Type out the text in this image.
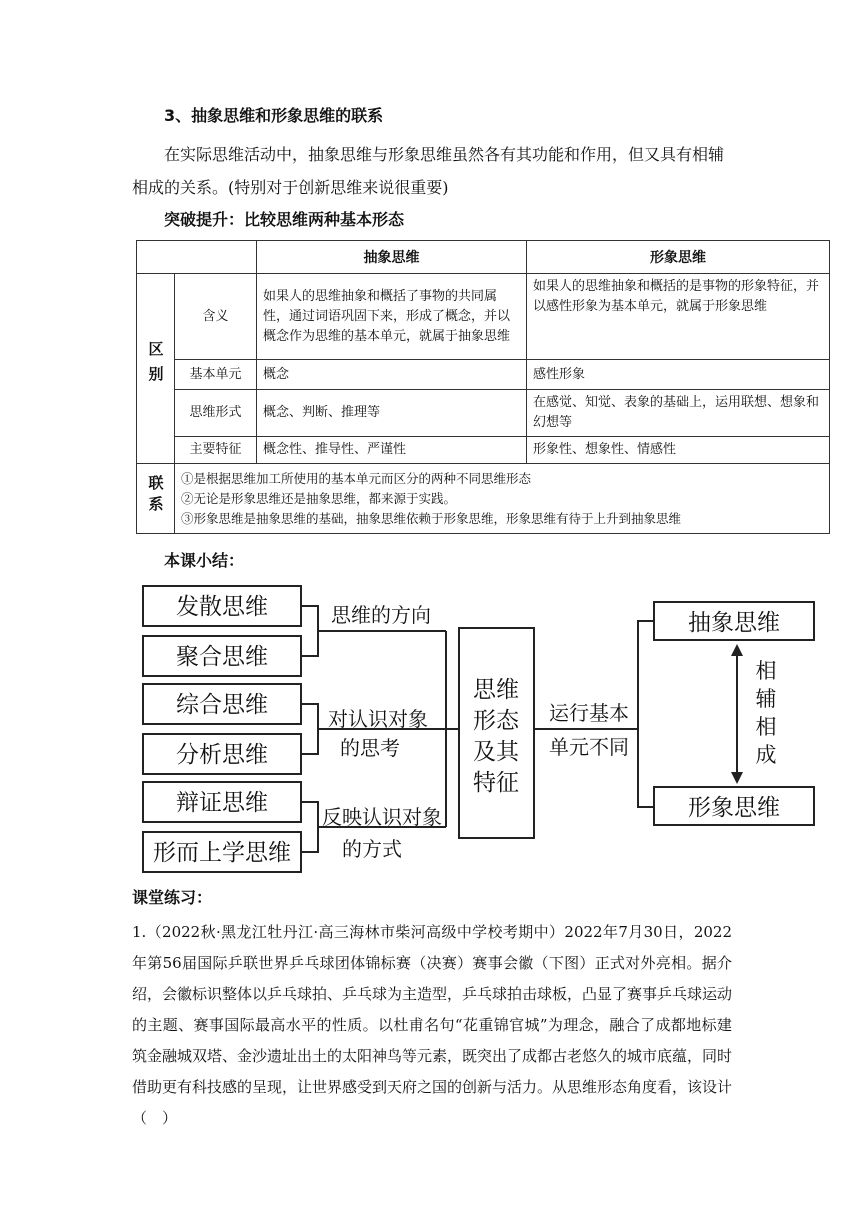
3、抽象思维和形象思维的联系
在实际思维活动中，抽象思维与形象思维虽然各有其功能和作用，但又具有相辅相成的关系。(特别对于创新思维来说很重要)
突破提升：比较思维两种基本形态
		抽象思维	形象思维
区别	含义	如果人的思维抽象和概括了事物的共同属性，通过词语巩固下来，形成了概念，并以概念作为思维的基本单元，就属于抽象思维	如果人的思维抽象和概括的是事物的形象特征，并以感性形象为基本单元，就属于形象思维
	基本单元	概念	感性形象
	思维形式	概念、判断、推理等	在感觉、知觉、表象的基础上，运用联想、想象和幻想等
	主要特征	概念性、推导性、严谨性	形象性、想象性、情感性
联系	①是根据思维加工所使用的基本单元而区分的两种不同思维形态
②无论是形象思维还是抽象思维，都来源于实践。
③形象思维是抽象思维的基础，抽象思维依赖于形象思维，形象思维有待于上升到抽象思维		
本课小结：
发散思维
聚合思维
综合思维
分析思维
辩证思维
形而上学思维
抽象思维
形象思维
思维的方向
对认识对象
的思考
反映认识对象
的方式
运行基本
单元不同
思维
形态
及其
特征
相
辅
相
成
课堂练习：
1.（2022秋·黑龙江牡丹江·高三海林市柴河高级中学校考期中）2022年7月30日，2022年第56届国际乒联世界乒乓球团体锦标赛（决赛）赛事会徽（下图）正式对外亮相。据介绍，会徽标识整体以乒乓球拍、乒乓球为主造型，乒乓球拍击球板，凸显了赛事乒乓球运动的主题、赛事国际最高水平的性质。以杜甫名句“花重锦官城”为理念，融合了成都地标建筑金融城双塔、金沙遗址出土的太阳神鸟等元素，既突出了成都古老悠久的城市底蕴，同时借助更有科技感的呈现，让世界感受到天府之国的创新与活力。从思维形态角度看，该设计（　）
